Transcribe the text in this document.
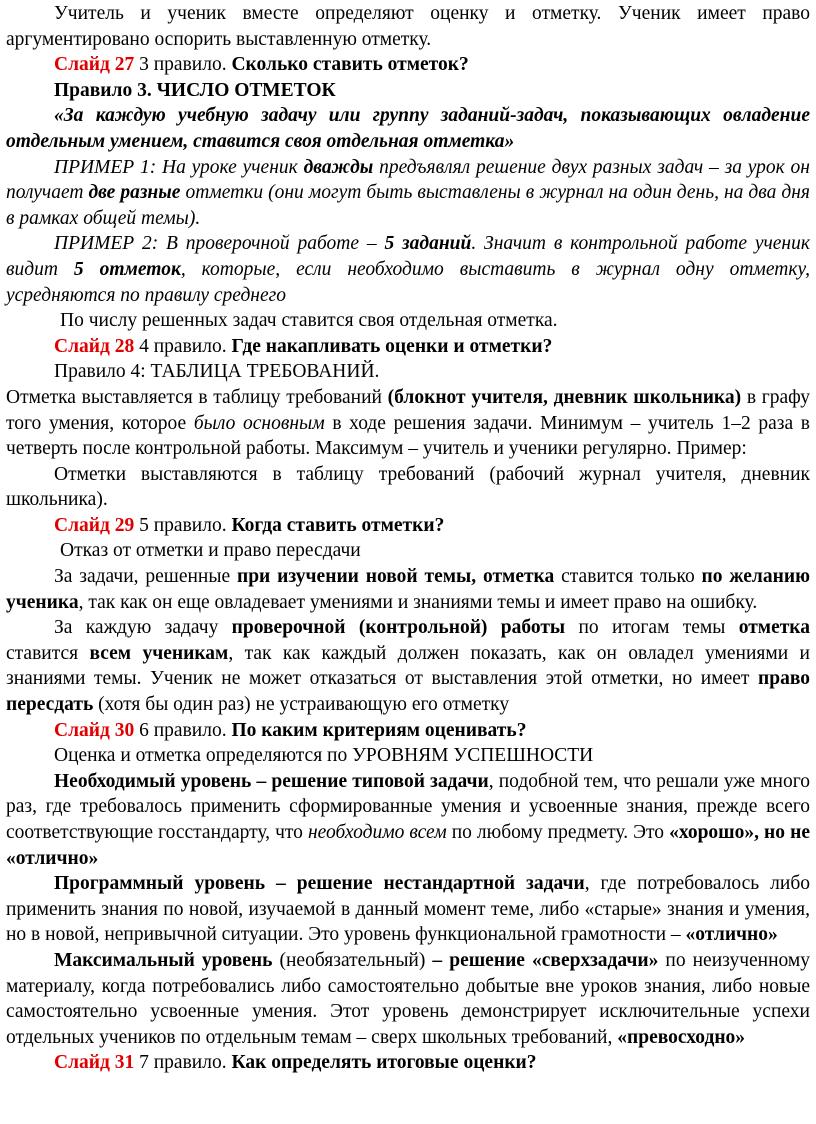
Учитель и ученик вместе определяют оценку и отметку. Ученик имеет право аргументировано оспорить выставленную отметку.

Слайд 27 3 правило. Сколько ставить отметок?

Правило 3. ЧИСЛО ОТМЕТОК

«За каждую учебную задачу или группу заданий-задач, показывающих овладение отдельным умением, ставится своя отдельная отметка»

ПРИМЕР 1: На уроке ученик дважды предъявлял решение двух разных задач – за урок он получает две разные отметки (они могут быть выставлены в журнал на один день, на два дня в рамках общей темы).

ПРИМЕР 2: В проверочной работе – 5 заданий. Значит в контрольной работе ученик видит 5 отметок, которые, если необходимо выставить в журнал одну отметку, усредняются по правилу среднего

По числу решенных задач ставится своя отдельная отметка.

Слайд 28 4 правило. Где накапливать оценки и отметки?

Правило 4: ТАБЛИЦА ТРЕБОВАНИЙ.

Отметка выставляется в таблицу требований (блокнот учителя, дневник школьника) в графу того умения, которое было основным в ходе решения задачи. Минимум – учитель 1–2 раза в четверть после контрольной работы. Максимум – учитель и ученики регулярно. Пример:

Отметки выставляются в таблицу требований (рабочий журнал учителя, дневник школьника).

Слайд 29 5 правило. Когда ставить отметки?

Отказ от отметки и право пересдачи

За задачи, решенные при изучении новой темы, отметка ставится только по желанию ученика, так как он еще овладевает умениями и знаниями темы и имеет право на ошибку.

За каждую задачу проверочной (контрольной) работы по итогам темы отметка ставится всем ученикам, так как каждый должен показать, как он овладел умениями и знаниями темы. Ученик не может отказаться от выставления этой отметки, но имеет право пересдать (хотя бы один раз) не устраивающую его отметку

Слайд 30 6 правило. По каким критериям оценивать?

Оценка и отметка определяются по УРОВНЯМ УСПЕШНОСТИ

Необходимый уровень – решение типовой задачи, подобной тем, что решали уже много раз, где требовалось применить сформированные умения и усвоенные знания, прежде всего соответствующие госстандарту, что необходимо всем по любому предмету. Это «хорошо», но не «отлично»

Программный уровень – решение нестандартной задачи, где потребовалось либо применить знания по новой, изучаемой в данный момент теме, либо «старые» знания и умения, но в новой, непривычной ситуации. Это уровень функциональной грамотности – «отлично»

Максимальный уровень (необязательный) – решение «сверхзадачи» по неизученному материалу, когда потребовались либо самостоятельно добытые вне уроков знания, либо новые самостоятельно усвоенные умения. Этот уровень демонстрирует исключительные успехи отдельных учеников по отдельным темам – сверх школьных требований, «превосходно»

Слайд 31 7 правило. Как определять итоговые оценки?
